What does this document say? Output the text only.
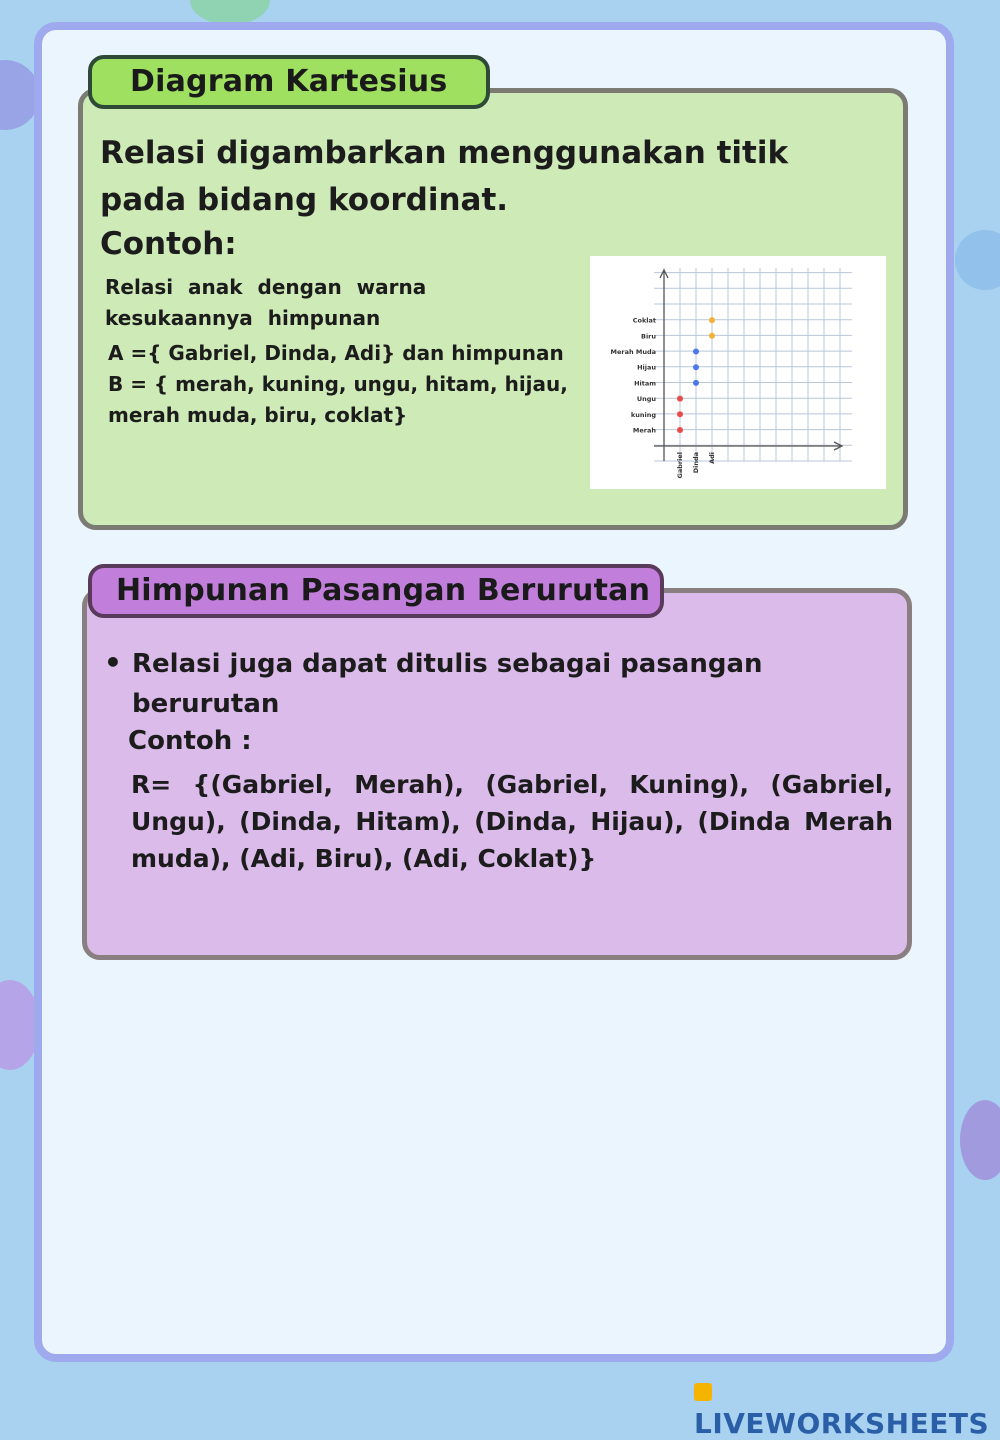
Diagram Kartesius

Relasi digambarkan menggunakan titik pada bidang koordinat.

Contoh:
Relasi anak dengan warna kesukaannya himpunan
A ={ Gabriel, Dinda, Adi} dan himpunan
B = { merah, kuning, ungu, hitam, hijau, merah muda, biru, coklat}
Merah
kuning
Ungu
Hitam
Hijau
Merah Muda
Biru
Coklat
Gabriel Dinda Adi
Himpunan Pasangan Berurutan
• Relasi juga dapat ditulis sebagai pasangan berurutan
Contoh :
R= {(Gabriel, Merah), (Gabriel, Kuning), (Gabriel, Ungu), (Dinda, Hitam), (Dinda, Hijau), (Dinda Merah muda), (Adi, Biru), (Adi, Coklat)}
LIVEWORKSHEETS
